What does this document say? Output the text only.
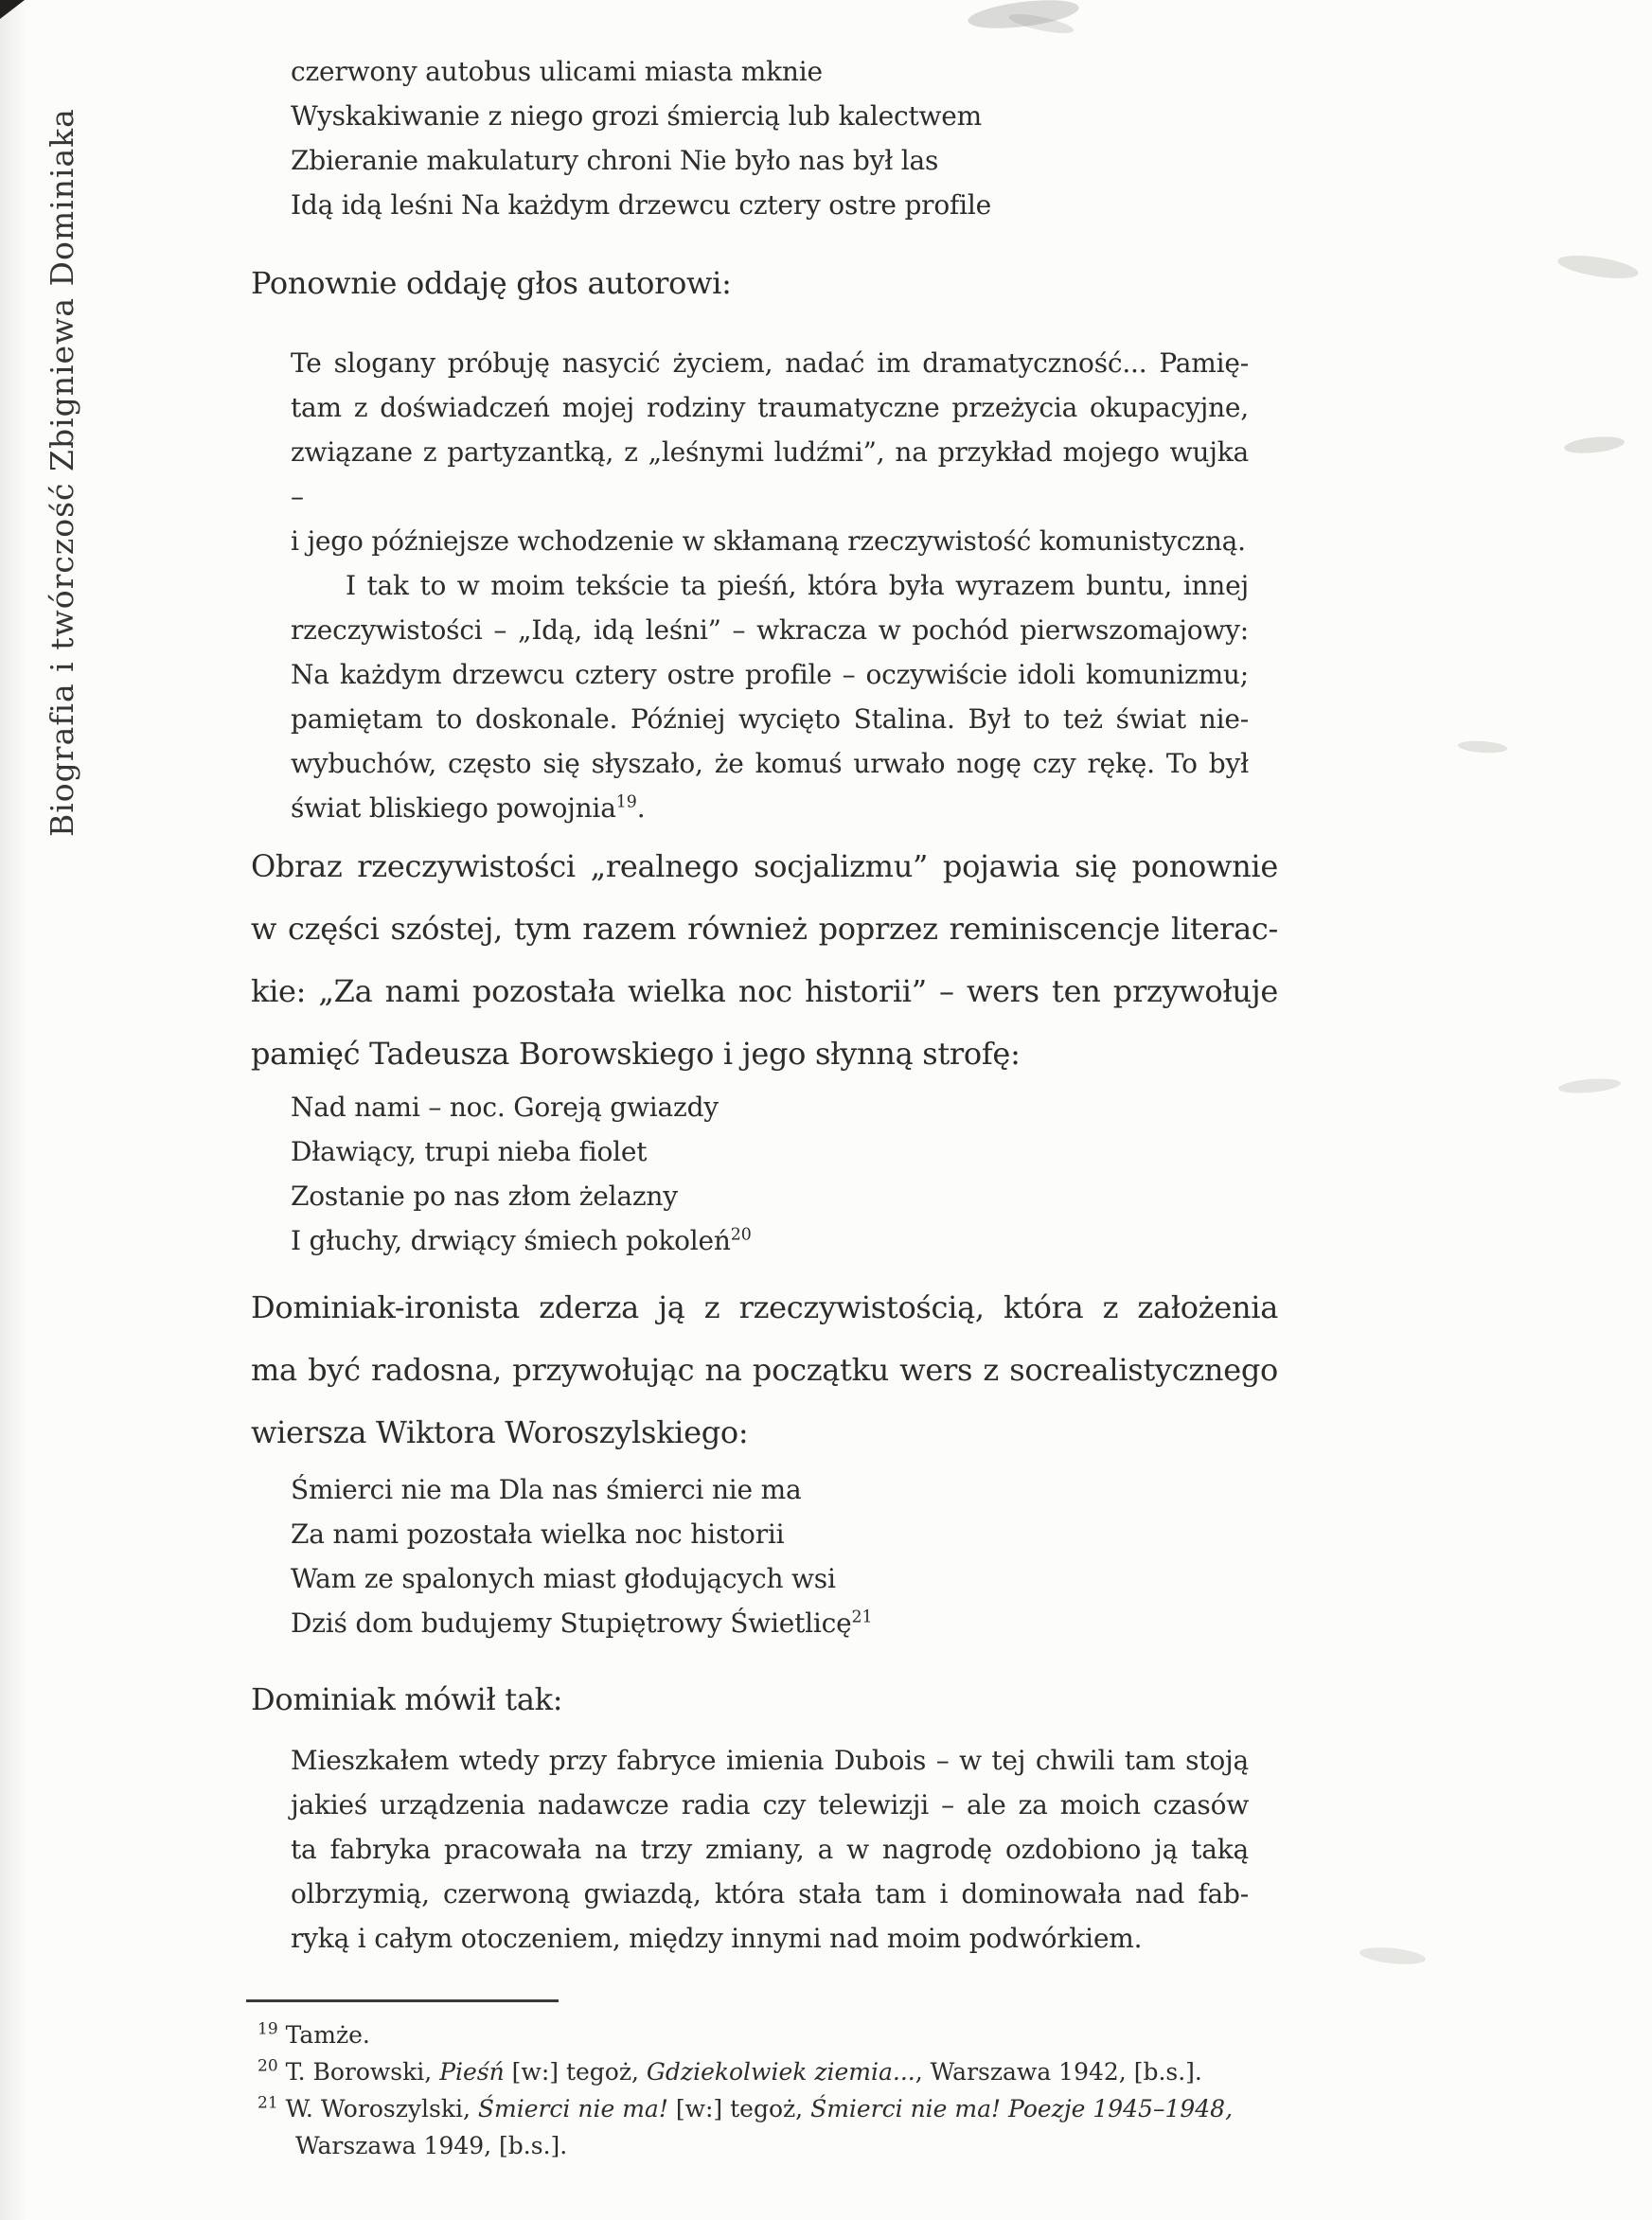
Biografia i twórczość Zbigniewa Dominiaka
czerwony autobus ulicami miasta mknie
Wyskakiwanie z niego grozi śmiercią lub kalectwem
Zbieranie makulatury chroni Nie było nas był las
Idą idą leśni Na każdym drzewcu cztery ostre profile
Ponownie oddaję głos autorowi:
Te slogany próbuję nasycić życiem, nadać im dramatyczność... Pamię-
tam z doświadczeń mojej rodziny traumatyczne przeżycia okupacyjne,
związane z partyzantką, z „leśnymi ludźmi”, na przykład mojego wujka –
i jego późniejsze wchodzenie w skłamaną rzeczywistość komunistyczną.
I tak to w moim tekście ta pieśń, która była wyrazem buntu, innej
rzeczywistości – „Idą, idą leśni” – wkracza w pochód pierwszomajowy:
Na każdym drzewcu cztery ostre profile – oczywiście idoli komunizmu;
pamiętam to doskonale. Później wycięto Stalina. Był to też świat nie-
wybuchów, często się słyszało, że komuś urwało nogę czy rękę. To był
świat bliskiego powojnia$^{19}$.
Obraz rzeczywistości „realnego socjalizmu” pojawia się ponownie
w części szóstej, tym razem również poprzez reminiscencje literac-
kie: „Za nami pozostała wielka noc historii” – wers ten przywołuje
pamięć Tadeusza Borowskiego i jego słynną strofę:
Nad nami – noc. Goreją gwiazdy
Dławiący, trupi nieba fiolet
Zostanie po nas złom żelazny
I głuchy, drwiący śmiech pokoleń$^{20}$
Dominiak-ironista zderza ją z rzeczywistością, która z założenia
ma być radosna, przywołując na początku wers z socrealistycznego
wiersza Wiktora Woroszylskiego:
Śmierci nie ma Dla nas śmierci nie ma
Za nami pozostała wielka noc historii
Wam ze spalonych miast głodujących wsi
Dziś dom budujemy Stupiętrowy Świetlicę$^{21}$
Dominiak mówił tak:
Mieszkałem wtedy przy fabryce imienia Dubois – w tej chwili tam stoją
jakieś urządzenia nadawcze radia czy telewizji – ale za moich czasów
ta fabryka pracowała na trzy zmiany, a w nagrodę ozdobiono ją taką
olbrzymią, czerwoną gwiazdą, która stała tam i dominowała nad fab-
ryką i całym otoczeniem, między innymi nad moim podwórkiem.
$^{19}$ Tamże.
$^{20}$ T. Borowski, Pieśń [w:] tegoż, Gdziekolwiek ziemia..., Warszawa 1942, [b.s.].
$^{21}$ W. Woroszylski, Śmierci nie ma! [w:] tegoż, Śmierci nie ma! Poezje 1945–1948,
Warszawa 1949, [b.s.].
